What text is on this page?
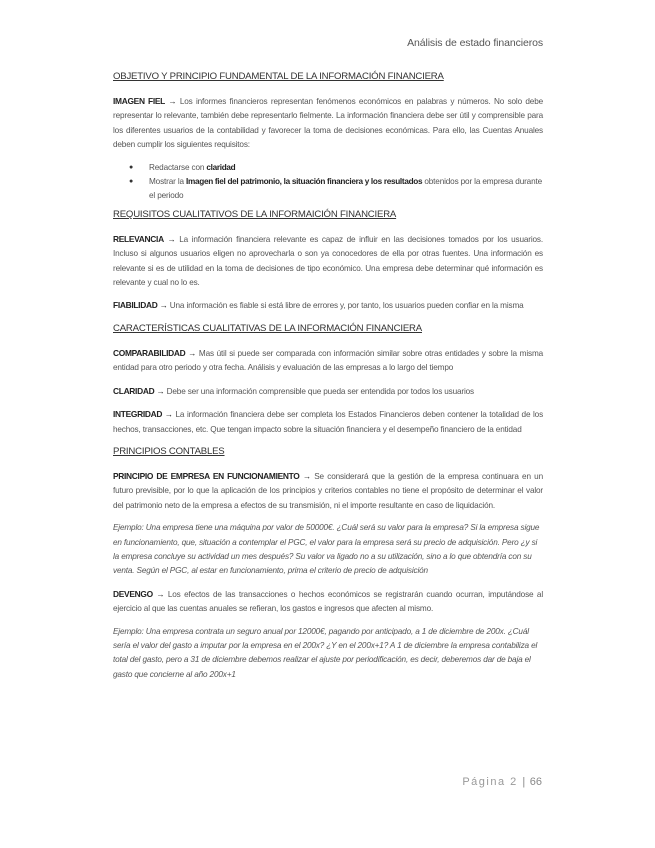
Análisis de estado financieros
OBJETIVO Y PRINCIPIO FUNDAMENTAL DE LA INFORMACIÓN FINANCIERA

IMAGEN FIEL → Los informes financieros representan fenómenos económicos en palabras y números. No solo debe representar lo relevante, también debe representarlo fielmente. La información financiera debe ser útil y comprensible para los diferentes usuarios de la contabilidad y favorecer la toma de decisiones económicas. Para ello, las Cuentas Anuales deben cumplir los siguientes requisitos:

● Redactarse con claridad
● Mostrar la Imagen fiel del patrimonio, la situación financiera y los resultados obtenidos por la empresa durante el periodo
REQUISITOS CUALITATIVOS DE LA INFORMAICIÓN FINANCIERA

RELEVANCIA → La información financiera relevante es capaz de influir en las decisiones tomados por los usuarios. Incluso si algunos usuarios eligen no aprovecharla o son ya conocedores de ella por otras fuentes. Una información es relevante si es de utilidad en la toma de decisiones de tipo económico. Una empresa debe determinar qué información es relevante y cual no lo es.

FIABILIDAD → Una información es fiable si está libre de errores y, por tanto, los usuarios pueden confiar en la misma

CARACTERÍSTICAS CUALITATIVAS DE LA INFORMACIÓN FINANCIERA

COMPARABILIDAD → Mas útil si puede ser comparada con información similar sobre otras entidades y sobre la misma entidad para otro periodo y otra fecha. Análisis y evaluación de las empresas a lo largo del tiempo

CLARIDAD → Debe ser una información comprensible que pueda ser entendida por todos los usuarios

INTEGRIDAD → La información financiera debe ser completa los Estados Financieros deben contener la totalidad de los hechos, transacciones, etc. Que tengan impacto sobre la situación financiera y el desempeño financiero de la entidad

PRINCIPIOS CONTABLES

PRINCIPIO DE EMPRESA EN FUNCIONAMIENTO → Se considerará que la gestión de la empresa continuara en un futuro previsible, por lo que la aplicación de los principios y criterios contables no tiene el propósito de determinar el valor del patrimonio neto de la empresa a efectos de su transmisión, ni el importe resultante en caso de liquidación.

Ejemplo: Una empresa tiene una máquina por valor de 50000€. ¿Cuál será su valor para la empresa? Si la empresa sigue en funcionamiento, que, situación a contemplar el PGC, el valor para la empresa será su precio de adquisición. Pero ¿y si la empresa concluye su actividad un mes después? Su valor va ligado no a su utilización, sino a lo que obtendría con su venta. Según el PGC, al estar en funcionamiento, prima el criterio de precio de adquisición

DEVENGO → Los efectos de las transacciones o hechos económicos se registrarán cuando ocurran, imputándose al ejercicio al que las cuentas anuales se refieran, los gastos e ingresos que afecten al mismo.

Ejemplo: Una empresa contrata un seguro anual por 12000€, pagando por anticipado, a 1 de diciembre de 200x. ¿Cuál sería el valor del gasto a imputar por la empresa en el 200x? ¿Y en el 200x+1? A 1 de diciembre la empresa contabiliza el total del gasto, pero a 31 de diciembre debemos realizar el ajuste por periodificación, es decir, deberemos dar de baja el gasto que concierne al año 200x+1

Página 2 | 66
